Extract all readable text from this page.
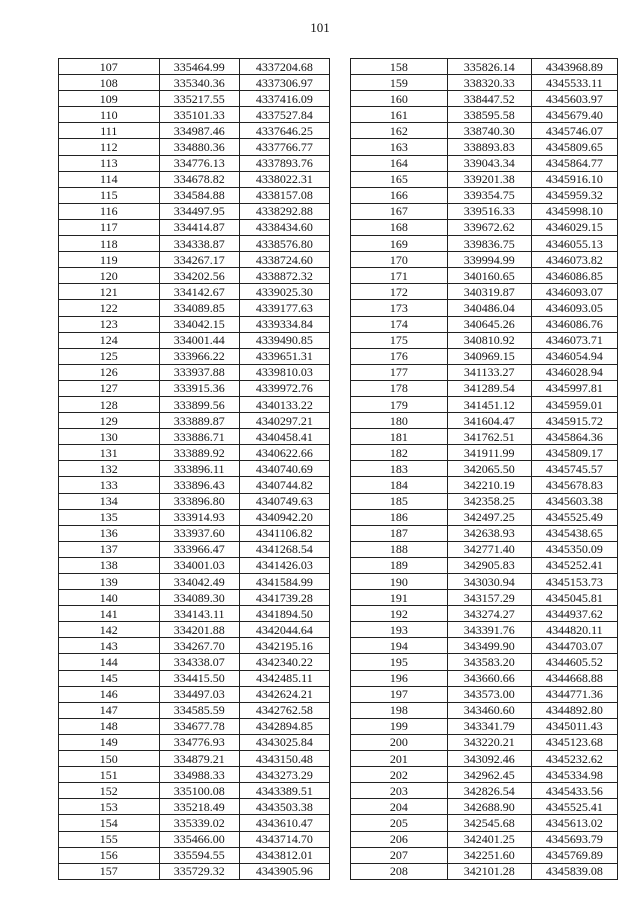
101
107	335464.99	4337204.68
108	335340.36	4337306.97
109	335217.55	4337416.09
110	335101.33	4337527.84
111	334987.46	4337646.25
112	334880.36	4337766.77
113	334776.13	4337893.76
114	334678.82	4338022.31
115	334584.88	4338157.08
116	334497.95	4338292.88
117	334414.87	4338434.60
118	334338.87	4338576.80
119	334267.17	4338724.60
120	334202.56	4338872.32
121	334142.67	4339025.30
122	334089.85	4339177.63
123	334042.15	4339334.84
124	334001.44	4339490.85
125	333966.22	4339651.31
126	333937.88	4339810.03
127	333915.36	4339972.76
128	333899.56	4340133.22
129	333889.87	4340297.21
130	333886.71	4340458.41
131	333889.92	4340622.66
132	333896.11	4340740.69
133	333896.43	4340744.82
134	333896.80	4340749.63
135	333914.93	4340942.20
136	333937.60	4341106.82
137	333966.47	4341268.54
138	334001.03	4341426.03
139	334042.49	4341584.99
140	334089.30	4341739.28
141	334143.11	4341894.50
142	334201.88	4342044.64
143	334267.70	4342195.16
144	334338.07	4342340.22
145	334415.50	4342485.11
146	334497.03	4342624.21
147	334585.59	4342762.58
148	334677.78	4342894.85
149	334776.93	4343025.84
150	334879.21	4343150.48
151	334988.33	4343273.29
152	335100.08	4343389.51
153	335218.49	4343503.38
154	335339.02	4343610.47
155	335466.00	4343714.70
156	335594.55	4343812.01
157	335729.32	4343905.96
158	335826.14	4343968.89
159	338320.33	4345533.11
160	338447.52	4345603.97
161	338595.58	4345679.40
162	338740.30	4345746.07
163	338893.83	4345809.65
164	339043.34	4345864.77
165	339201.38	4345916.10
166	339354.75	4345959.32
167	339516.33	4345998.10
168	339672.62	4346029.15
169	339836.75	4346055.13
170	339994.99	4346073.82
171	340160.65	4346086.85
172	340319.87	4346093.07
173	340486.04	4346093.05
174	340645.26	4346086.76
175	340810.92	4346073.71
176	340969.15	4346054.94
177	341133.27	4346028.94
178	341289.54	4345997.81
179	341451.12	4345959.01
180	341604.47	4345915.72
181	341762.51	4345864.36
182	341911.99	4345809.17
183	342065.50	4345745.57
184	342210.19	4345678.83
185	342358.25	4345603.38
186	342497.25	4345525.49
187	342638.93	4345438.65
188	342771.40	4345350.09
189	342905.83	4345252.41
190	343030.94	4345153.73
191	343157.29	4345045.81
192	343274.27	4344937.62
193	343391.76	4344820.11
194	343499.90	4344703.07
195	343583.20	4344605.52
196	343660.66	4344668.88
197	343573.00	4344771.36
198	343460.60	4344892.80
199	343341.79	4345011.43
200	343220.21	4345123.68
201	343092.46	4345232.62
202	342962.45	4345334.98
203	342826.54	4345433.56
204	342688.90	4345525.41
205	342545.68	4345613.02
206	342401.25	4345693.79
207	342251.60	4345769.89
208	342101.28	4345839.08
